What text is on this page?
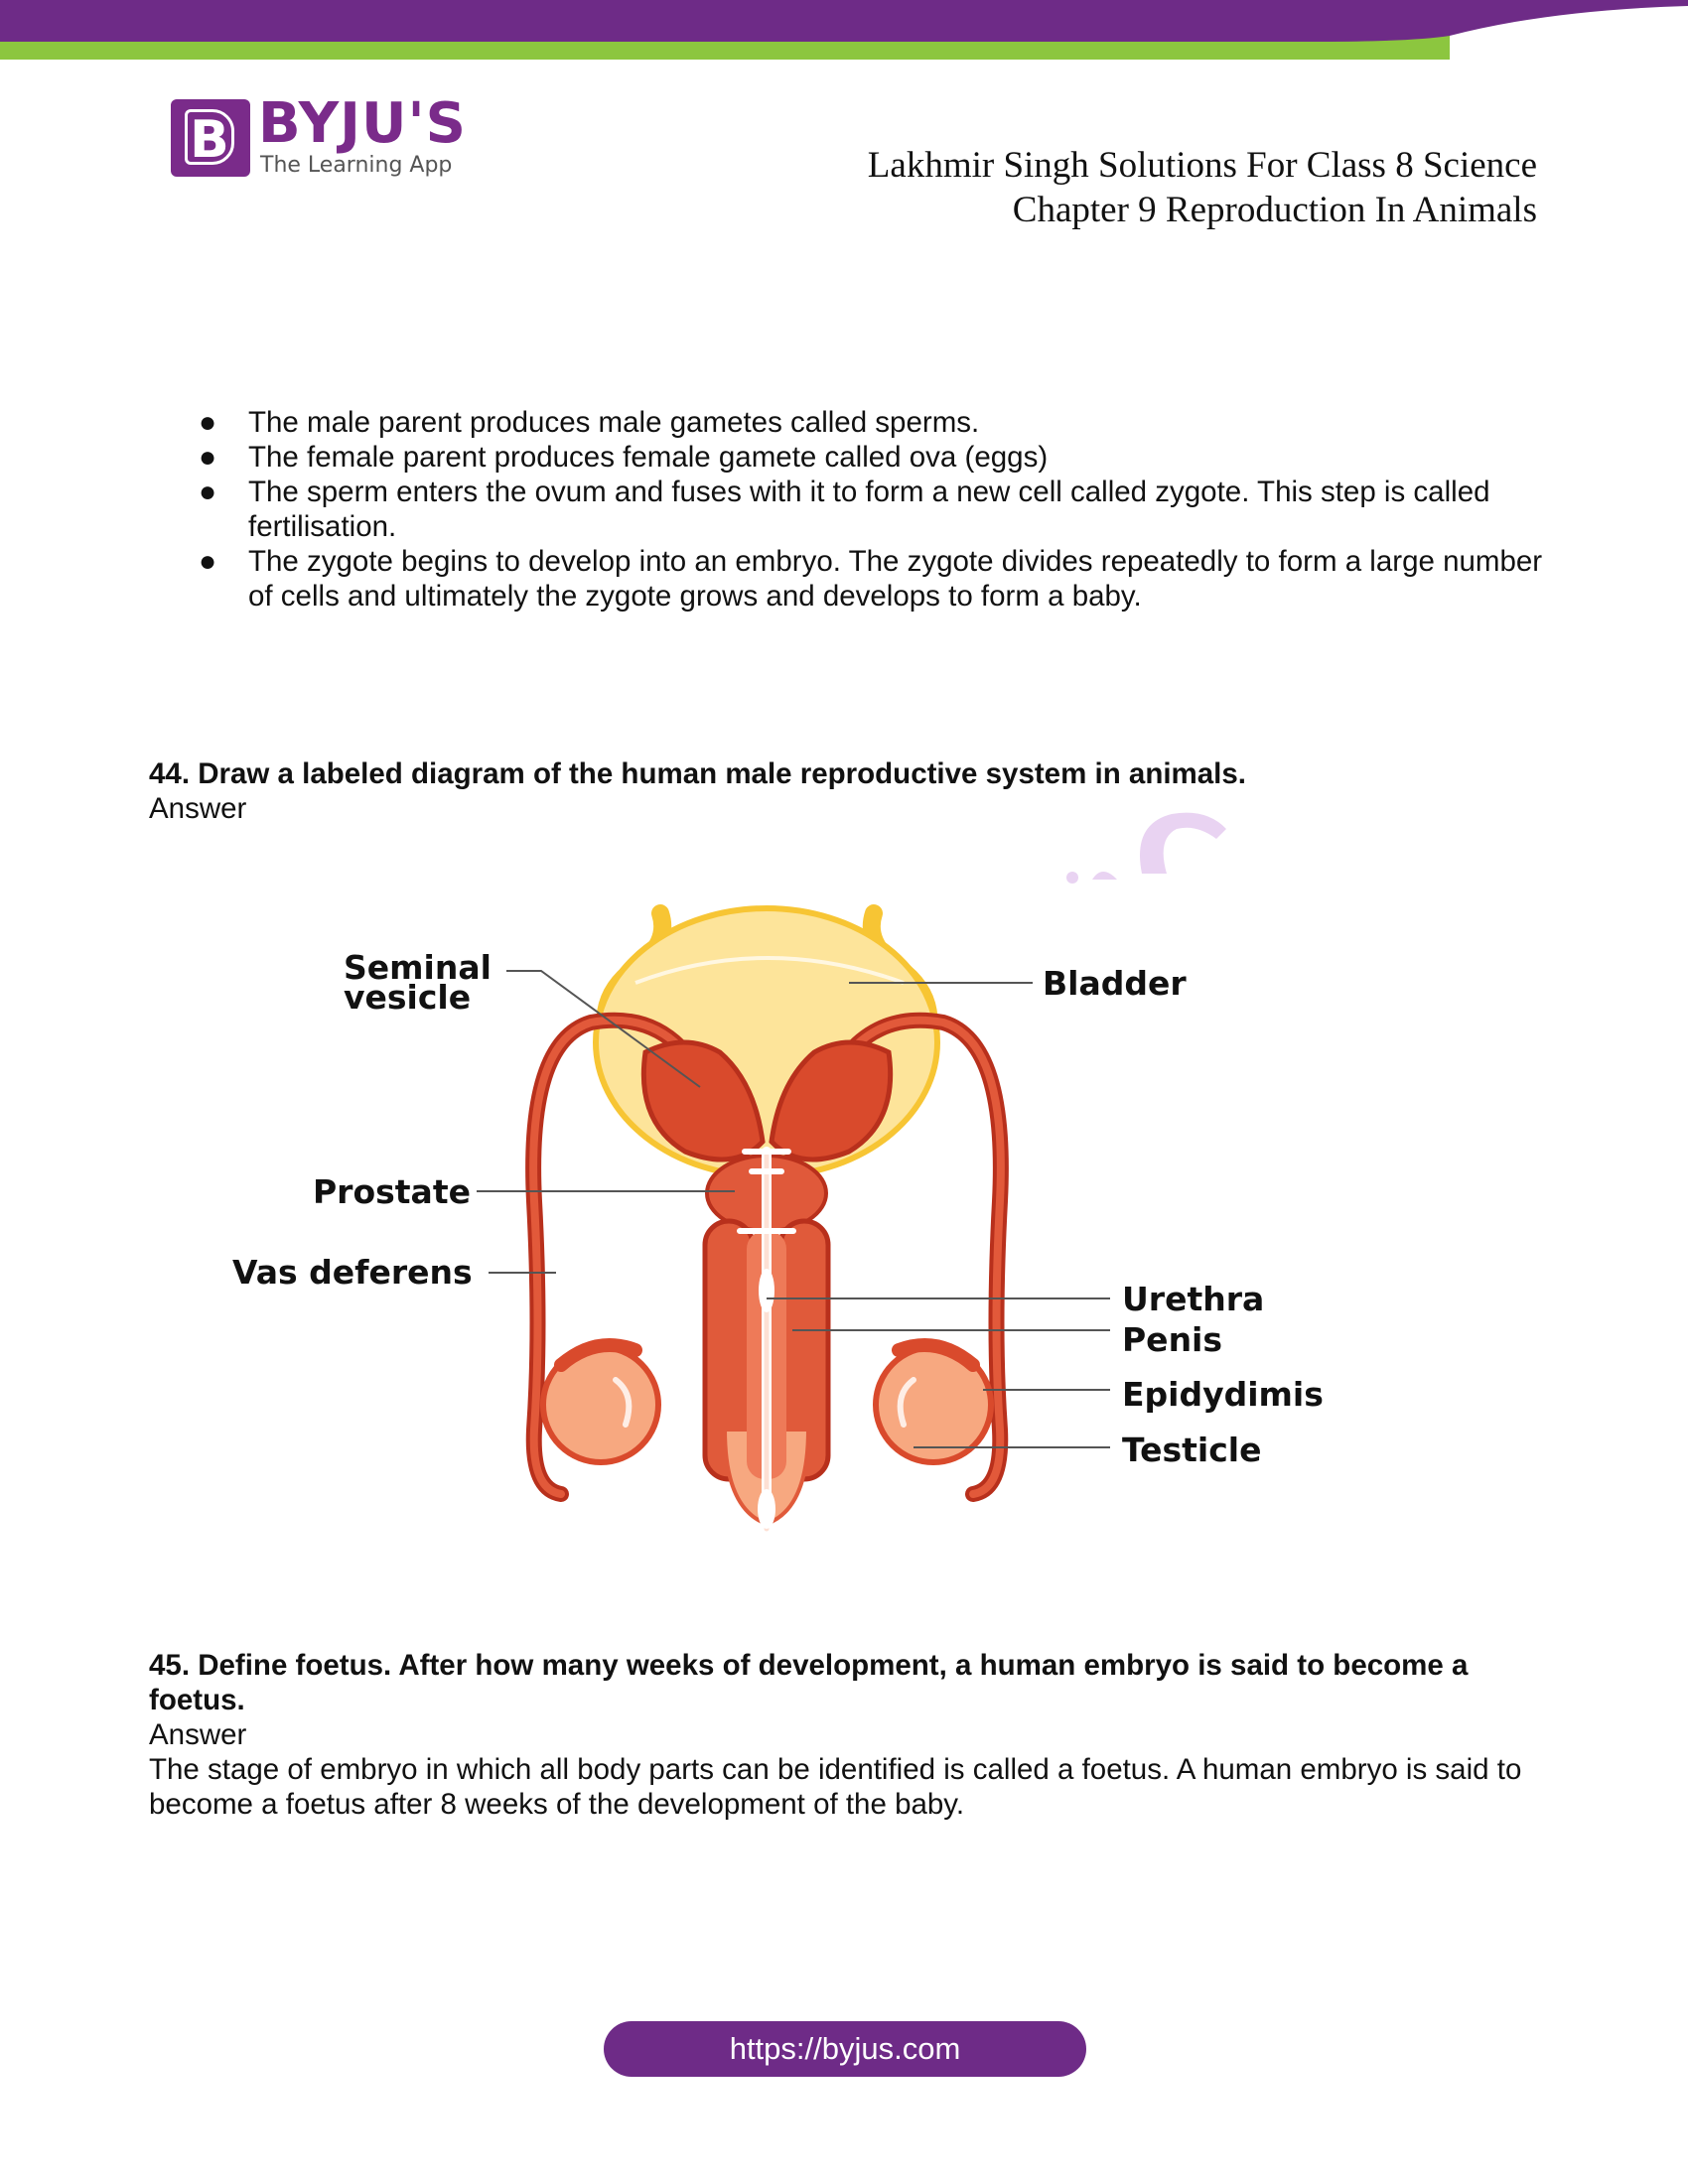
B BYJU'S
The Learning App	Lakhmir Singh Solutions For Class 8 Science
Chapter 9 Reproduction In Animals
● The male parent produces male gametes called sperms.
● The female parent produces female gamete called ova (eggs)
● The sperm enters the ovum and fuses with it to form a new cell called zygote. This step is called fertilisation.
● The zygote begins to develop into an embryo. The zygote divides repeatedly to form a large number of cells and ultimately the zygote grows and develops to form a baby.

44. Draw a labeled diagram of the human male reproductive system in animals.

Answer

Seminal
vesicle	Bladder
Prostate
Vas deferens
Urethra
Penis
Epidydimis
Testicle

45. Define foetus. After how many weeks of development, a human embryo is said to become a foetus.

Answer

The stage of embryo in which all body parts can be identified is called a foetus. A human embryo is said to become a foetus after 8 weeks of the development of the baby.

https://byjus.com
